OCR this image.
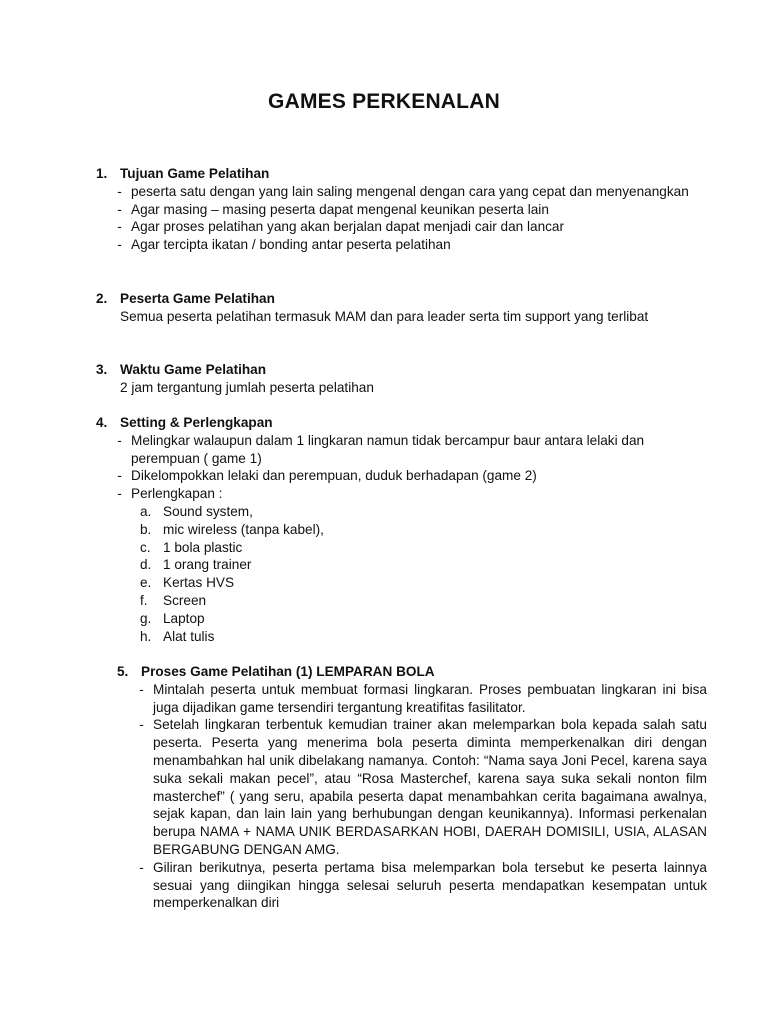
GAMES PERKENALAN
1. Tujuan Game Pelatihan
- peserta satu dengan yang lain saling mengenal dengan cara yang cepat dan menyenangkan
- Agar masing – masing peserta dapat mengenal keunikan peserta lain
- Agar proses pelatihan yang akan berjalan dapat menjadi cair dan lancar
- Agar tercipta ikatan / bonding antar peserta pelatihan
2. Peserta Game Pelatihan
Semua peserta pelatihan termasuk MAM dan para leader serta tim support yang terlibat
3. Waktu Game Pelatihan
2 jam tergantung jumlah peserta pelatihan
4. Setting & Perlengkapan
- Melingkar walaupun dalam 1 lingkaran namun tidak bercampur baur antara lelaki dan perempuan ( game 1)
- Dikelompokkan lelaki dan perempuan, duduk berhadapan (game 2)
- Perlengkapan :
a. Sound system,
b. mic wireless (tanpa kabel),
c. 1 bola plastic
d. 1 orang trainer
e. Kertas HVS
f.	Screen
g. Laptop
h. Alat tulis
5. Proses Game Pelatihan (1) LEMPARAN BOLA
- Mintalah peserta untuk membuat formasi lingkaran. Proses pembuatan lingkaran ini bisa juga dijadikan game tersendiri tergantung kreatifitas fasilitator.
- Setelah lingkaran terbentuk kemudian trainer akan melemparkan bola kepada salah satu peserta. Peserta yang menerima bola peserta diminta memperkenalkan diri dengan menambahkan hal unik dibelakang namanya. Contoh: “Nama saya Joni Pecel, karena saya suka sekali makan pecel”, atau “Rosa Masterchef, karena saya suka sekali nonton film masterchef” ( yang seru, apabila peserta dapat menambahkan cerita bagaimana awalnya, sejak kapan, dan lain lain yang berhubungan dengan keunikannya). Informasi perkenalan berupa NAMA + NAMA UNIK BERDASARKAN HOBI, DAERAH DOMISILI, USIA, ALASAN BERGABUNG DENGAN AMG.
- Giliran berikutnya, peserta pertama bisa melemparkan bola tersebut ke peserta lainnya sesuai yang diingikan hingga selesai seluruh peserta mendapatkan kesempatan untuk memperkenalkan diri
